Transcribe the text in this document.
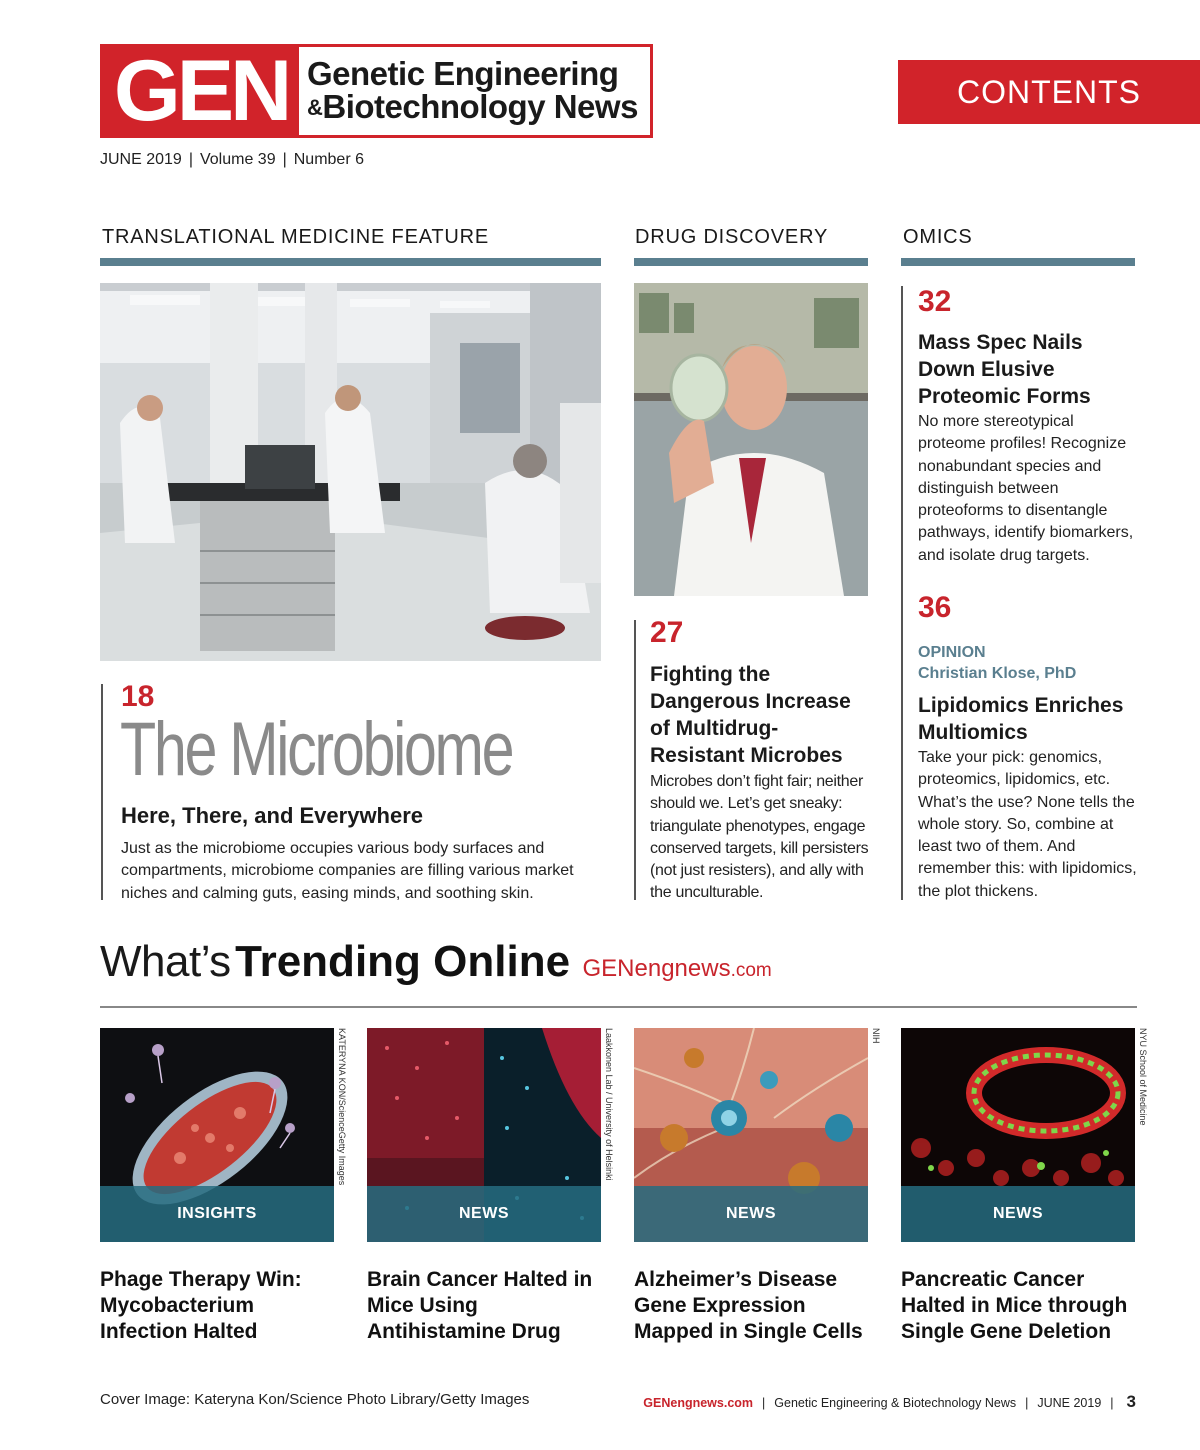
GEN Genetic Engineering
&Biotechnology News	CONTENTS
JUNE 2019 | Volume 39 | Number 6
TRANSLATIONAL MEDICINE FEATURE	DRUG DISCOVERY	OMICS
18
The Microbiome
Here, There, and Everywhere
Just as the microbiome occupies various body surfaces and compartments, microbiome companies are filling various market niches and calming guts, easing minds, and soothing skin.
27
Fighting the Dangerous Increase of Multidrug-Resistant Microbes
Microbes don’t fight fair; neither should we. Let’s get sneaky: triangulate phenotypes, engage conserved targets, kill persisters (not just resisters), and ally with the unculturable.
32
Mass Spec Nails Down Elusive Proteomic Forms
No more stereotypical proteome profiles! Recognize nonabundant species and distinguish between proteoforms to disentangle pathways, identify biomarkers, and isolate drug targets.
36
OPINION
Christian Klose, PhD
Lipidomics Enriches Multiomics
Take your pick: genomics, proteomics, lipidomics, etc. What’s the use? None tells the whole story. So, combine at least two of them. And remember this: with lipidomics, the plot thickens.
What’s Trending Online GENengnews.com
INSIGHTS
KATERYNA KON/ScienceGetty Images
Phage Therapy Win: Mycobacterium Infection Halted
NEWS
Laakkonen Lab / University of Helsinki
Brain Cancer Halted in Mice Using Antihistamine Drug
NEWS
NIH
Alzheimer’s Disease Gene Expression Mapped in Single Cells
NEWS
NYU School of Medicine
Pancreatic Cancer Halted in Mice through Single Gene Deletion
Cover Image: Kateryna Kon/Science Photo Library/Getty Images	GENengnews.com | Genetic Engineering & Biotechnology News | JUNE 2019 | 3
